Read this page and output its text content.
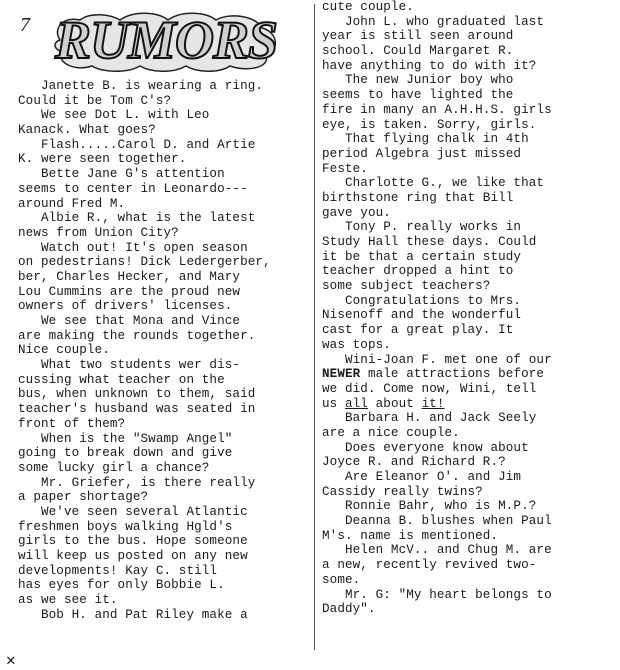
7 RUMORS
Janette B. is wearing a ring.
Could it be Tom C's?
We see Dot L. with Leo
Kanack. What goes?
Flash.....Carol D. and Artie
K. were seen together.
Bette Jane G's attention
seems to center in Leonardo---
around Fred M.
Albie R., what is the latest
news from Union City?
Watch out! It's open season
on pedestrians! Dick Ledergerber,
ber, Charles Hecker, and Mary
Lou Cummins are the proud new
owners of drivers' licenses.
We see that Mona and Vince
are making the rounds together.
Nice couple.
What two students wer dis-
cussing what teacher on the
bus, when unknown to them, said
teacher's husband was seated in
front of them?
When is the "Swamp Angel"
going to break down and give
some lucky girl a chance?
Mr. Griefer, is there really
a paper shortage?
We've seen several Atlantic
freshmen boys walking Hgld's
girls to the bus. Hope someone
will keep us posted on any new
developments! Kay C. still
has eyes for only Bobbie L.
as we see it.
Bob H. and Pat Riley make a
cute couple.
John L. who graduated last
year is still seen around
school. Could Margaret R.
have anything to do with it?
The new Junior boy who
seems to have lighted the
fire in many an A.H.H.S. girls
eye, is taken. Sorry, girls.
That flying chalk in 4th
period Algebra just missed
Feste.
Charlotte G., we like that
birthstone ring that Bill
gave you.
Tony P. really works in
Study Hall these days. Could
it be that a certain study
teacher dropped a hint to
some subject teachers?
Congratulations to Mrs.
Nisenoff and the wonderful
cast for a great play. It
was tops.
Wini-Joan F. met one of our
NEWER male attractions before
we did. Come now, Wini, tell
us all about it!
Barbara H. and Jack Seely
are a nice couple.
Does everyone know about
Joyce R. and Richard R.?
Are Eleanor O'. and Jim
Cassidy really twins?
Ronnie Bahr, who is M.P.?
Deanna B. blushes when Paul
M's. name is mentioned.
Helen McV.. and Chug M. are
a new, recently revived two-
some.
Mr. G: "My heart belongs to
Daddy".
✕
